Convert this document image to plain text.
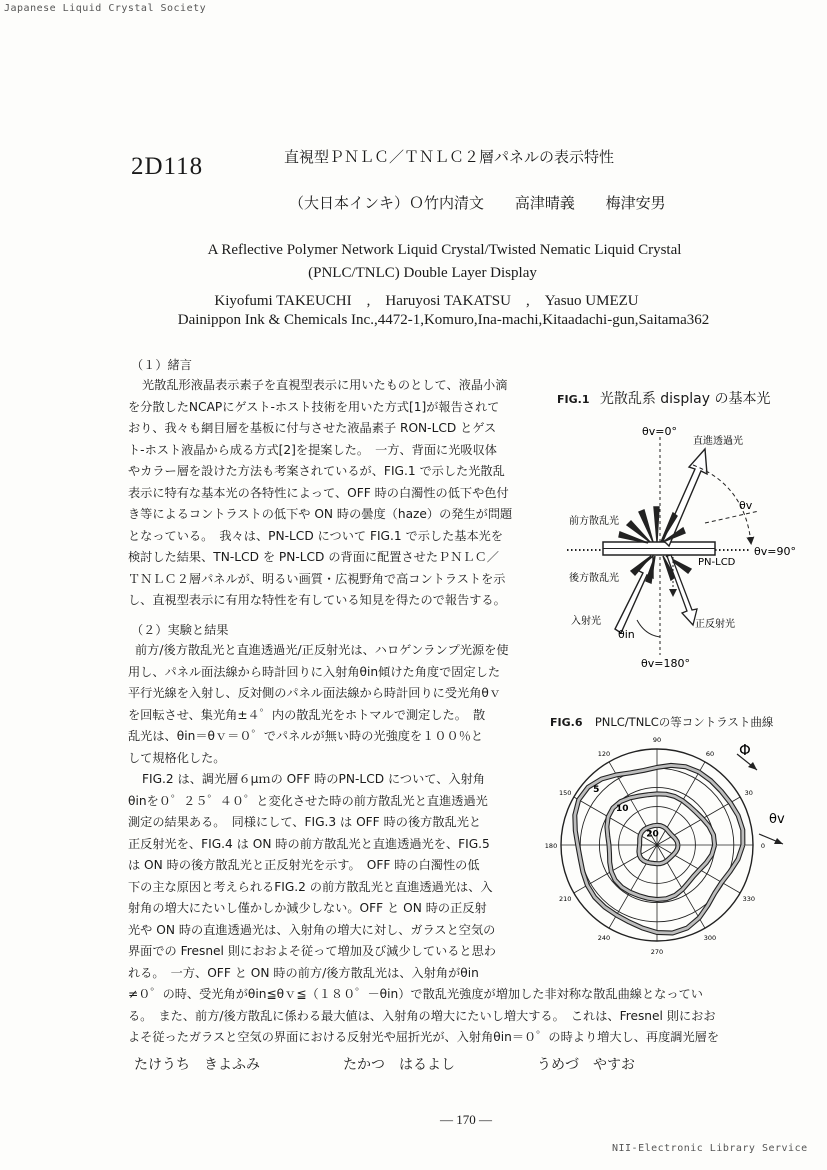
Japanese Liquid Crystal Society
NII-Electronic Library Service
— 170 —
2D118	直視型ＰＮＬＣ／ＴＮＬＣ２層パネルの表示特性
（大日本インキ）Ｏ竹内清文 高津晴義 梅津安男
A Reflective Polymer Network Liquid Crystal/Twisted Nematic Liquid Crystal
(PNLC/TNLC) Double Layer Display
Kiyofumi TAKEUCHI　,　Haruyosi TAKATSU　,　Yasuo UMEZU
Dainippon Ink & Chemicals Inc.,4472-1,Komuro,Ina-machi,Kitaadachi-gun,Saitama362
（１）緒言
光散乱形液晶表示素子を直視型表示に用いたものとして、液晶小滴
を分散したNCAPにゲスト-ホスト技術を用いた方式[1]が報告されて
おり、我々も網目層を基板に付与させた液晶素子 RON-LCD とゲス
ト-ホスト液晶から成る方式[2]を提案した。　一方、背面に光吸収体
やカラー層を設けた方法も考案されているが、FIG.1 で示した光散乱
表示に特有な基本光の各特性によって、OFF 時の白濁性の低下や色付
き等によるコントラストの低下や ON 時の曇度（haze）の発生が問題
となっている。　我々は、PN-LCD について FIG.1 で示した基本光を
検討した結果、TN-LCD を PN-LCD の背面に配置させたＰＮＬＣ／
ＴＮＬＣ２層パネルが、明るい画質・広視野角で高コントラストを示
し、直視型表示に有用な特性を有している知見を得たので報告する。
（２）実験と結果
前方/後方散乱光と直進透過光/正反射光は、ハロゲンランプ光源を使
用し、パネル面法線から時計回りに入射角θin傾けた角度で固定した
平行光線を入射し、反対側のパネル面法線から時計回りに受光角θｖ
を回転させ、集光角±４゜内の散乱光をホトマルで測定した。　散
乱光は、θin＝θｖ＝０゜でパネルが無い時の光強度を１００％と
して規格化した。
FIG.2 は、調光層６μｍの OFF 時のPN-LCD について、入射角
θinを０゜２５゜４０゜と変化させた時の前方散乱光と直進透過光
測定の結果ある。　同様にして、FIG.3 は OFF 時の後方散乱光と
正反射光を、FIG.4 は ON 時の前方散乱光と直進透過光を、FIG.5
は ON 時の後方散乱光と正反射光を示す。　OFF 時の白濁性の低
下の主な原因と考えられるFIG.2 の前方散乱光と直進透過光は、入
射角の増大にたいし僅かしか減少しない。OFF と ON 時の正反射
光や ON 時の直進透過光は、入射角の増大に対し、ガラスと空気の
界面での Fresnel 則におおよそ従って増加及び減少していると思わ
れる。　一方、OFF と ON 時の前方/後方散乱光は、入射角がθin
≠０゜の時、受光角がθin≦θｖ≦（１８０゜－θin）で散乱光強度が増加した非対称な散乱曲線となってい
る。　また、前方/後方散乱に係わる最大値は、入射角の増大にたいし増大する。　これは、Fresnel 則におお
よそ従ったガラスと空気の界面における反射光や屈折光が、入射角θin＝０゜の時より増大し、再度調光層を
たけうち　きよふみ	たかつ　はるよし	うめづ　やすお
FIG.1 光散乱系 display の基本光
θv=0°
直進透過光
θv
前方散乱光
θv=90°
PN-LCD
後方散乱光
入射光	正反射光
θin
θv=180°
FIG.6 PNLC/TNLCの等コントラスト曲線
5
10
20
90
60
30
0
330
300
270
240
210
180
150
120	Φ
θv
